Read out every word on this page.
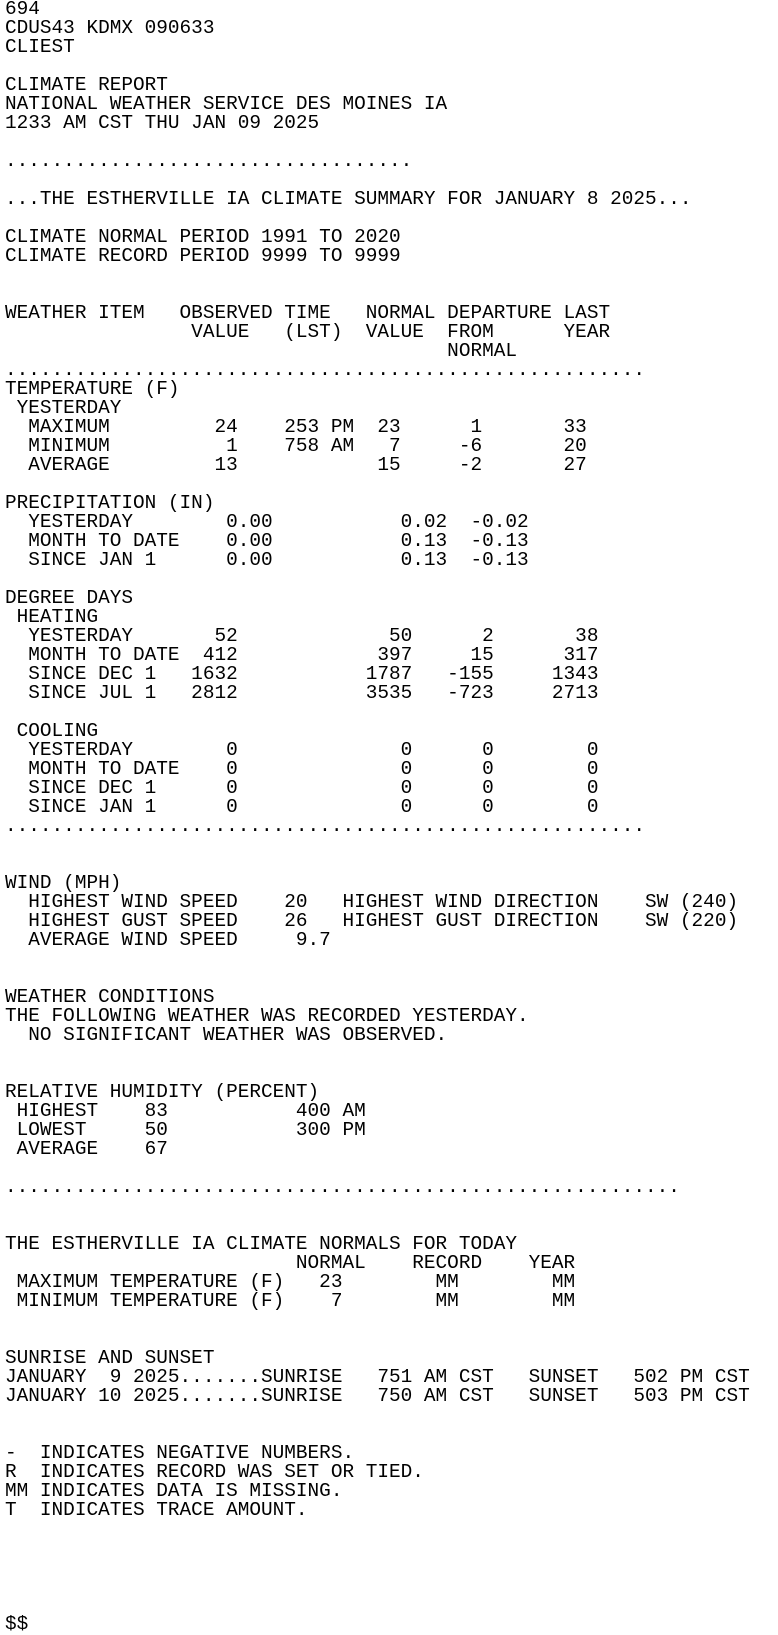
694
CDUS43 KDMX 090633
CLIEST
CLIMATE REPORT
NATIONAL WEATHER SERVICE DES MOINES IA
1233 AM CST THU JAN 09 2025
...................................
...THE ESTHERVILLE IA CLIMATE SUMMARY FOR JANUARY 8 2025...
CLIMATE NORMAL PERIOD 1991 TO 2020
CLIMATE RECORD PERIOD 9999 TO 9999
WEATHER ITEM   OBSERVED TIME   NORMAL DEPARTURE LAST
VALUE   (LST)  VALUE  FROM      YEAR
NORMAL
.......................................................
TEMPERATURE (F)
YESTERDAY
MAXIMUM         24    253 PM  23      1       33
MINIMUM          1    758 AM   7     -6       20
AVERAGE         13            15     -2       27
PRECIPITATION (IN)
YESTERDAY        0.00           0.02  -0.02
MONTH TO DATE    0.00           0.13  -0.13
SINCE JAN 1      0.00           0.13  -0.13
DEGREE DAYS
HEATING
YESTERDAY       52             50      2       38
MONTH TO DATE  412            397     15      317
SINCE DEC 1   1632           1787   -155     1343
SINCE JUL 1   2812           3535   -723     2713
COOLING
YESTERDAY        0              0      0        0
MONTH TO DATE    0              0      0        0
SINCE DEC 1      0              0      0        0
SINCE JAN 1      0              0      0        0
.......................................................
WIND (MPH)
HIGHEST WIND SPEED    20   HIGHEST WIND DIRECTION    SW (240)
HIGHEST GUST SPEED    26   HIGHEST GUST DIRECTION    SW (220)
AVERAGE WIND SPEED     9.7
WEATHER CONDITIONS
THE FOLLOWING WEATHER WAS RECORDED YESTERDAY.
NO SIGNIFICANT WEATHER WAS OBSERVED.
RELATIVE HUMIDITY (PERCENT)
HIGHEST    83           400 AM
LOWEST     50           300 PM
AVERAGE    67
..........................................................
THE ESTHERVILLE IA CLIMATE NORMALS FOR TODAY
NORMAL    RECORD    YEAR
MAXIMUM TEMPERATURE (F)   23        MM        MM
MINIMUM TEMPERATURE (F)    7        MM        MM
SUNRISE AND SUNSET
JANUARY  9 2025.......SUNRISE   751 AM CST   SUNSET   502 PM CST
JANUARY 10 2025.......SUNRISE   750 AM CST   SUNSET   503 PM CST
-  INDICATES NEGATIVE NUMBERS.
R  INDICATES RECORD WAS SET OR TIED.
MM INDICATES DATA IS MISSING.
T  INDICATES TRACE AMOUNT.
$$
